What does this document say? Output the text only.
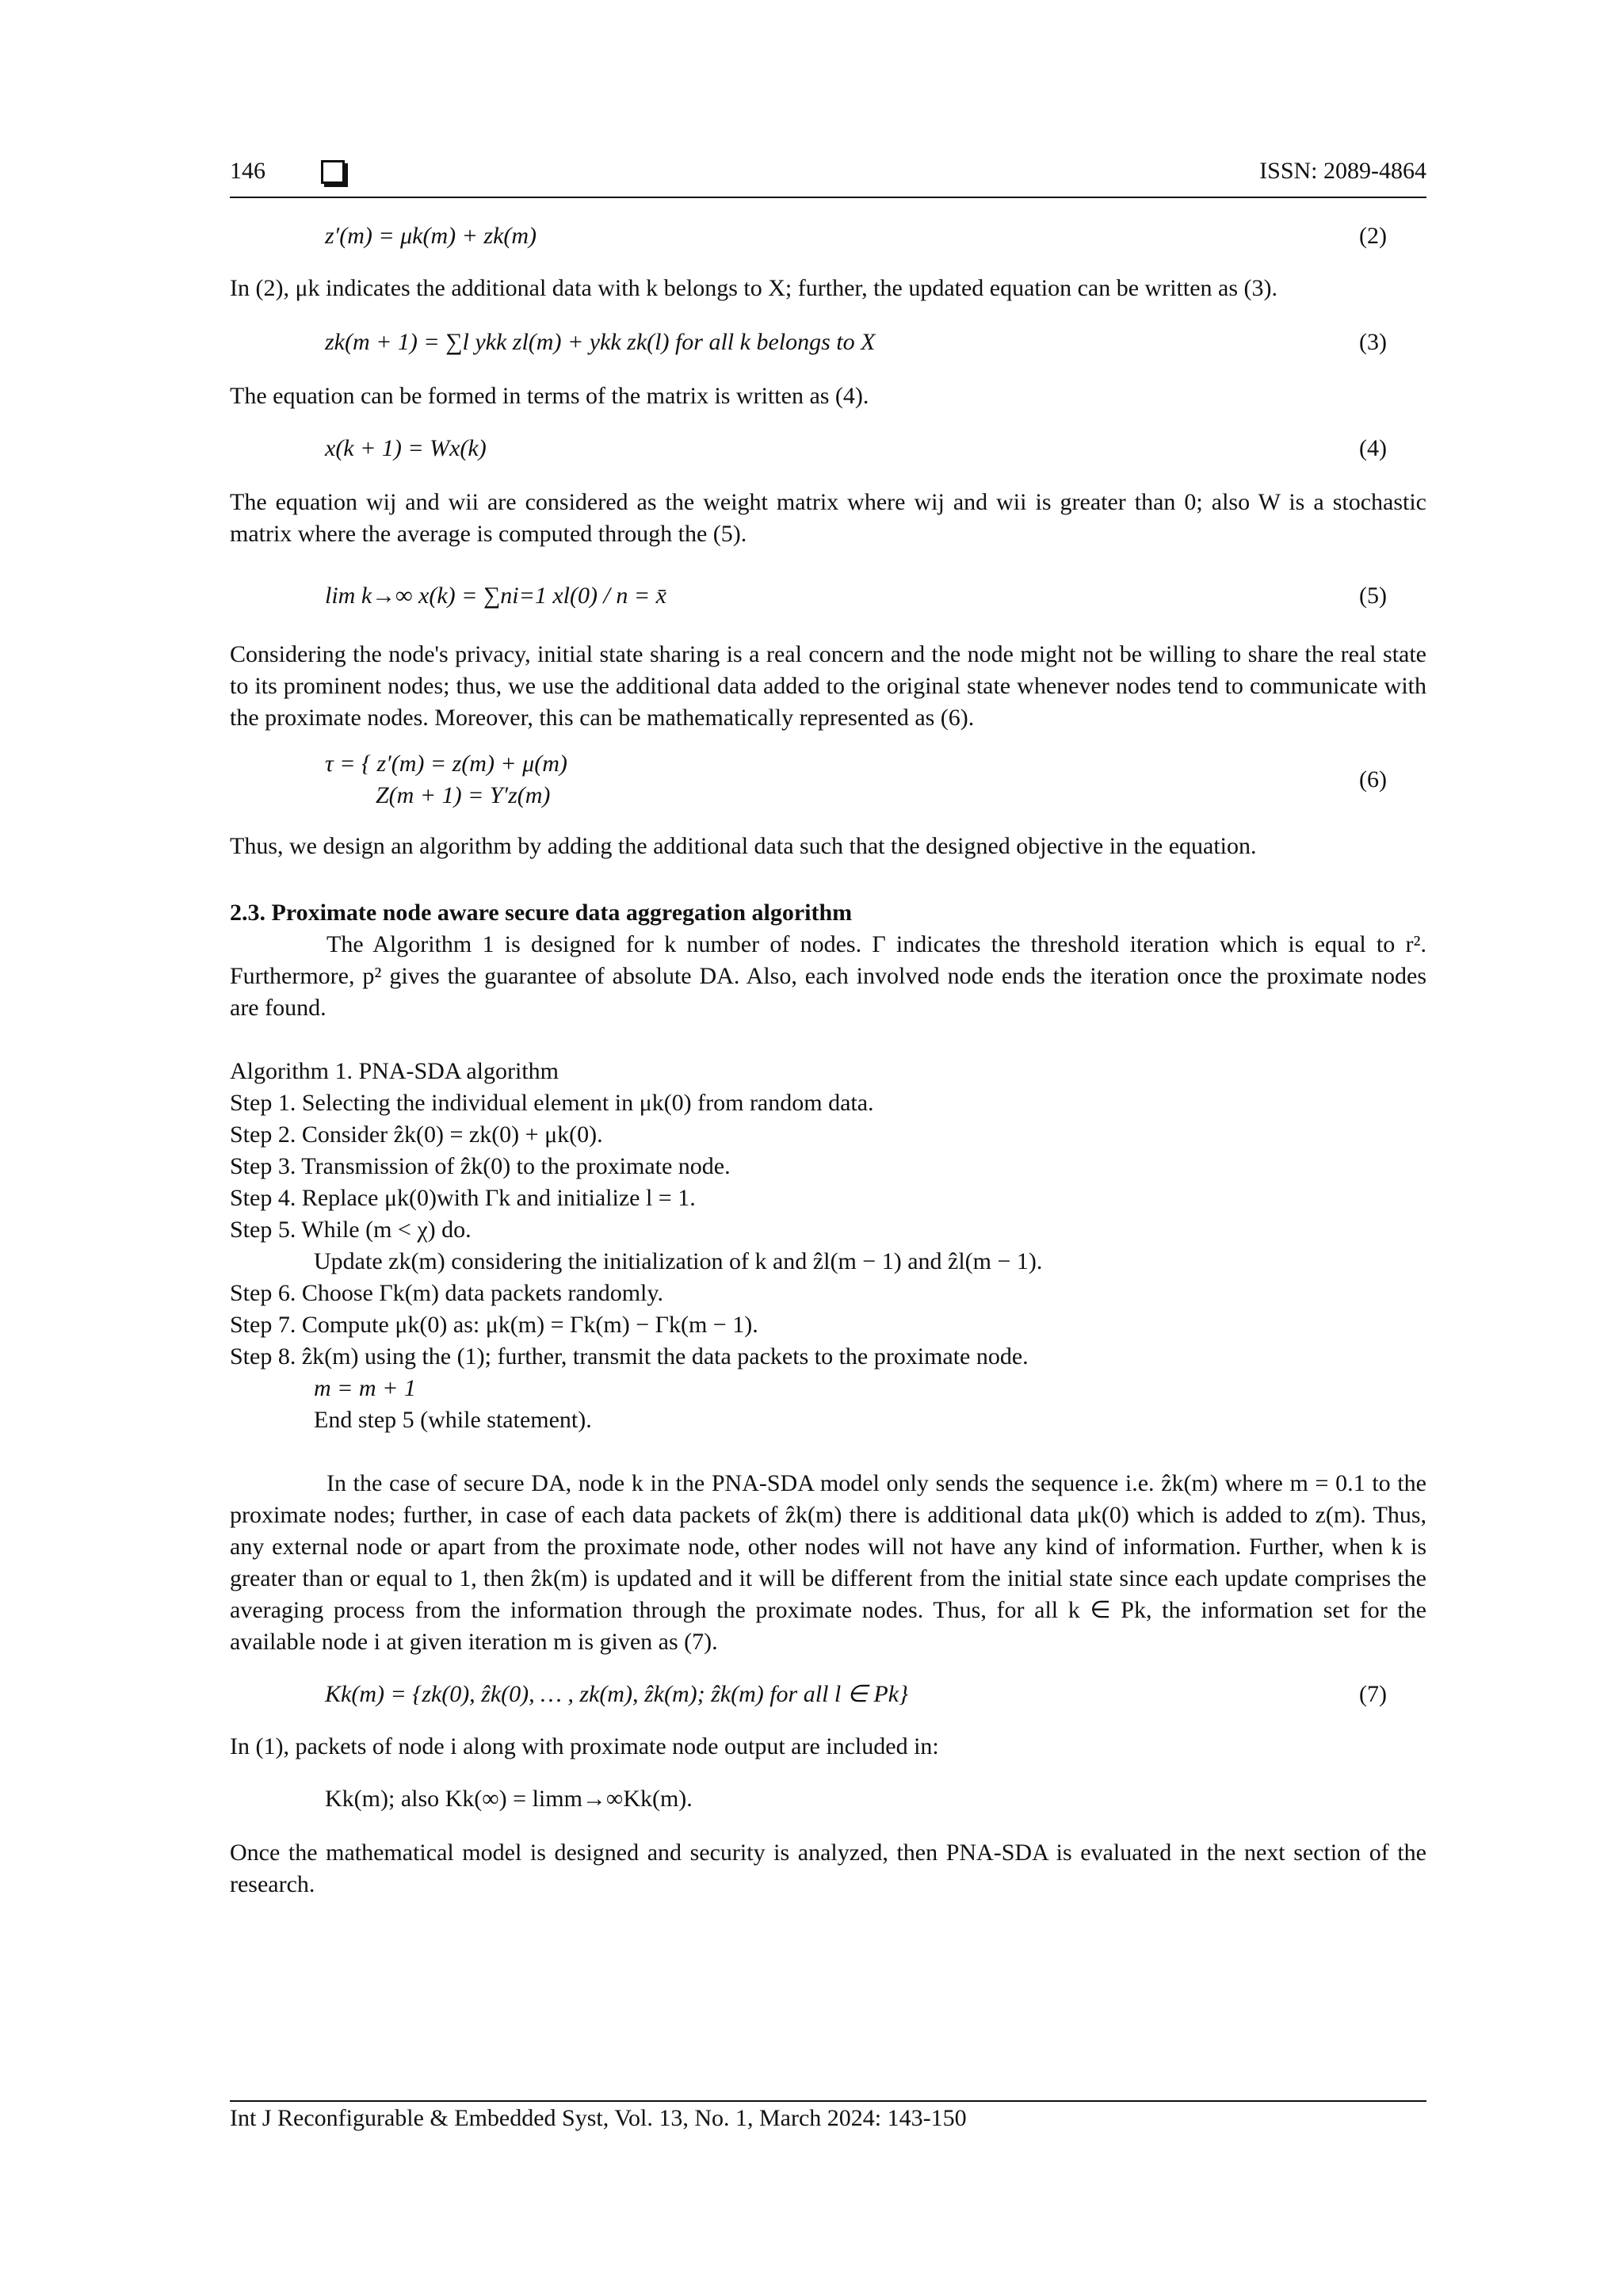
146	ISSN: 2089-4864
z′(m) = μk(m) + zk(m)	(2)

In (2), μk indicates the additional data with k belongs to X; further, the updated equation can be written as (3).

zk(m + 1) = ∑l ykk zl(m) + ykk zk(l) for all k belongs to X	(3)

The equation can be formed in terms of the matrix is written as (4).

x(k + 1) = Wx(k)	(4)

The equation wij and wii are considered as the weight matrix where wij and wii is greater than 0; also W is a stochastic matrix where the average is computed through the (5).

lim k→∞ x(k) = ∑ni=1 xl(0) / n = x̄	(5)

Considering the node's privacy, initial state sharing is a real concern and the node might not be willing to share the real state to its prominent nodes; thus, we use the additional data added to the original state whenever nodes tend to communicate with the proximate nodes. Moreover, this can be mathematically represented as (6).

τ = { z′(m) = z(m) + μ(m)
Z(m + 1) = Y′z(m)
(6)

Thus, we design an algorithm by adding the additional data such that the designed objective in the equation.

2.3. Proximate node aware secure data aggregation algorithm

The Algorithm 1 is designed for k number of nodes. Γ indicates the threshold iteration which is equal to r². Furthermore, p² gives the guarantee of absolute DA. Also, each involved node ends the iteration once the proximate nodes are found.

Algorithm 1. PNA-SDA algorithm

Step 1. Selecting the individual element in μk(0) from random data.

Step 2. Consider ẑk(0) = zk(0) + μk(0).

Step 3. Transmission of ẑk(0) to the proximate node.

Step 4. Replace μk(0)with Γk and initialize l = 1.

Step 5. While (m < χ) do.

Update zk(m) considering the initialization of k and ẑl(m − 1) and ẑl(m − 1).

Step 6. Choose Γk(m) data packets randomly.

Step 7. Compute μk(0) as: μk(m) = Γk(m) − Γk(m − 1).

Step 8. ẑk(m) using the (1); further, transmit the data packets to the proximate node.

m = m + 1

End step 5 (while statement).

In the case of secure DA, node k in the PNA-SDA model only sends the sequence i.e. ẑk(m) where m = 0.1 to the proximate nodes; further, in case of each data packets of ẑk(m) there is additional data μk(0) which is added to z(m). Thus, any external node or apart from the proximate node, other nodes will not have any kind of information. Further, when k is greater than or equal to 1, then ẑk(m) is updated and it will be different from the initial state since each update comprises the averaging process from the information through the proximate nodes. Thus, for all k ∈ Pk, the information set for the available node i at given iteration m is given as (7).

Kk(m) = {zk(0), ẑk(0), … , zk(m), ẑk(m); ẑk(m) for all l ∈ Pk}	(7)

In (1), packets of node i along with proximate node output are included in:

Kk(m); also Kk(∞) = limm→∞Kk(m).

Once the mathematical model is designed and security is analyzed, then PNA-SDA is evaluated in the next section of the research.

Int J Reconfigurable & Embedded Syst, Vol. 13, No. 1, March 2024: 143-150
